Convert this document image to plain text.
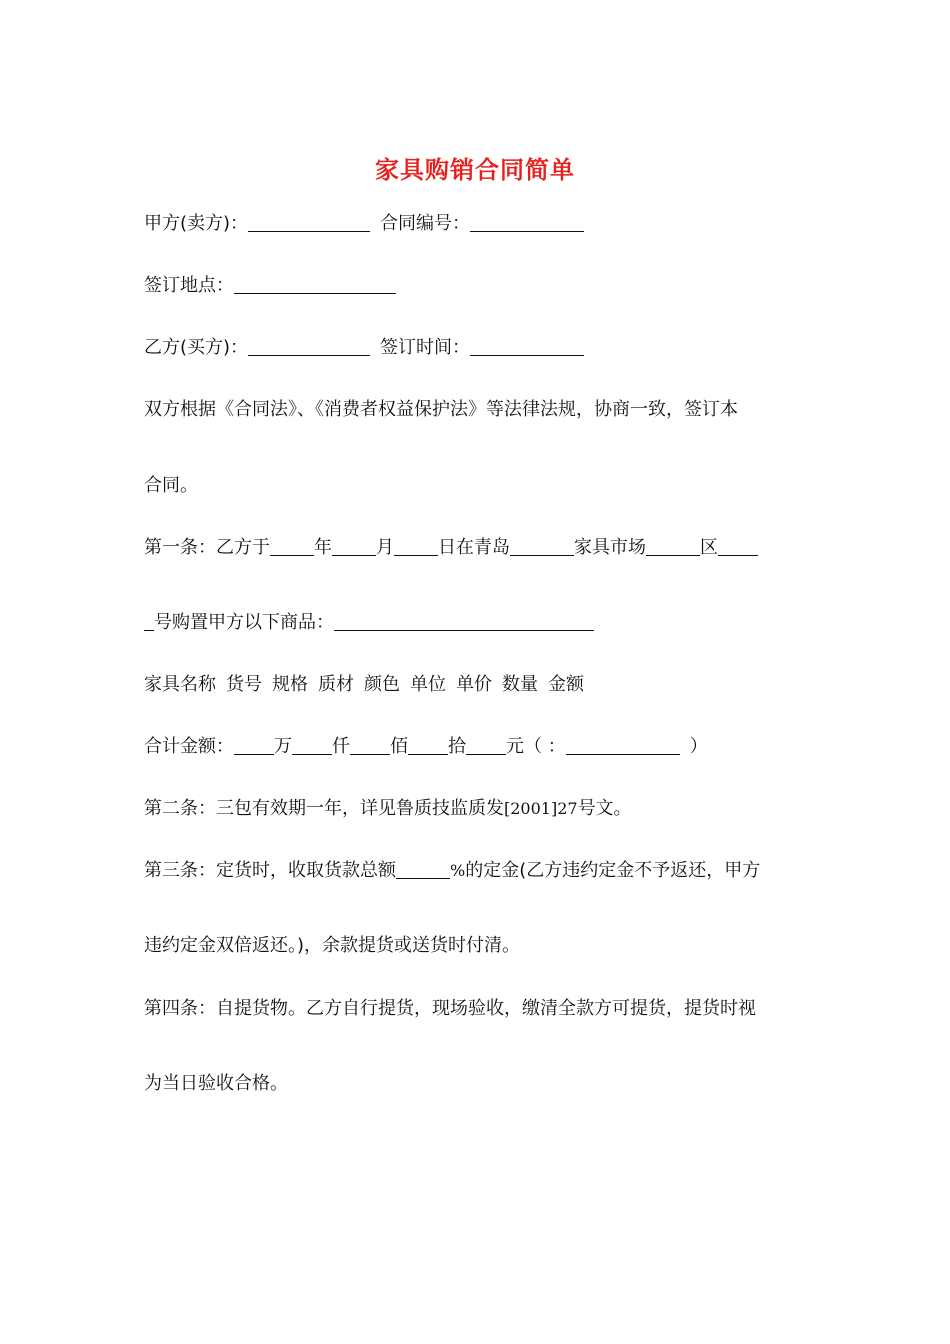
家具购销合同简单
甲方(卖方)：	合同编号：
签订地点：
乙方(买方)：	签订时间：
双方根据《合同法》、《消费者权益保护法》等法律法规，协商一致，签订本
合同。
第一条：乙方于 年 月 日在青岛	家具市场	区
号购置甲方以下商品：
家具名称 货号 规格 质材 颜色 单位 单价 数量 金额
合计金额： 万 仟 佰 拾 元（ ：	）
第二条：三包有效期一年，详见鲁质技监质发[2001]27号文。
第三条：定货时，收取货款总额	%的定金(乙方违约定金不予返还，甲方
违约定金双倍返还。)，余款提货或送货时付清。
第四条：自提货物。乙方自行提货，现场验收，缴清全款方可提货，提货时视
为当日验收合格。
